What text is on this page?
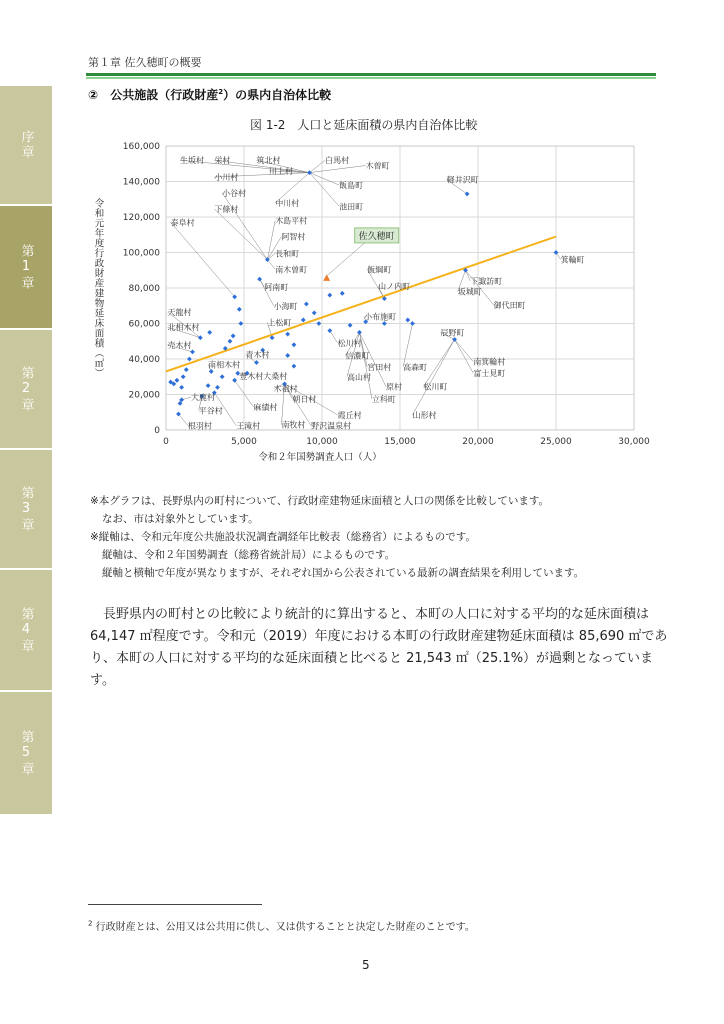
第１章 佐久穂町の概要
序章
第1章
第2章
第3章
第4章
第5章
②　 公共施設（行政財産$^2$）の県内自治体比較
図 1-2　人口と延床面積の県内自治体比較
0
20,000
40,000
60,000
80,000
100,000
120,000
140,000
160,000
0	5,000	10,000	15,000	20,000	25,000	30,000
生坂村 栄村	筑北村	白馬村
木曽町
川上村
小川村
飯島町
軽井沢町
小谷村
泰阜村
下條村	池田町
中川村
木島平村
阿智村
長和町
南木曽町
阿南町
小海町
上松町
飯綱町
山ノ内町
坂城町
下諏訪町
御代田町
箕輪町
小布施町
辰野町
松川村
信濃町
南箕輪村
宮田村 高森町
富士見町
高山村
松川町
原村
立科町
霞丘村	山形村
野沢温泉村
天龍村
北相木村
売木村
青木村
南相木村
豊木村大桑村
木祖村
朝日村
大鹿村
麻績村
平谷村
根羽村	王滝村	南牧村
佐久穂町
令和２年国勢調査人口（人）
令和元年度行政財産建物延床面積（㎡）
※本グラフは、長野県内の町村について、行政財産建物延床面積と人口の関係を比較しています。
なお、市は対象外としています。
※縦軸は、令和元年度公共施設状況調査調経年比較表（総務省）によるものです。
縦軸は、令和２年国勢調査（総務省統計局）によるものです。
縦軸と横軸で年度が異なりますが、それぞれ国から公表されている最新の調査結果を利用しています。

長野県内の町村との比較により統計的に算出すると、本町の人口に対する平均的な延床面積は 64,147 ㎡程度です。令和元（2019）年度における本町の行政財産建物延床面積は 85,690 ㎡であり、本町の人口に対する平均的な延床面積と比べると 21,543 ㎡（25.1%）が過剰となっています。

$^2$ 行政財産とは、公用又は公共用に供し、又は供することと決定した財産のことです。
5
